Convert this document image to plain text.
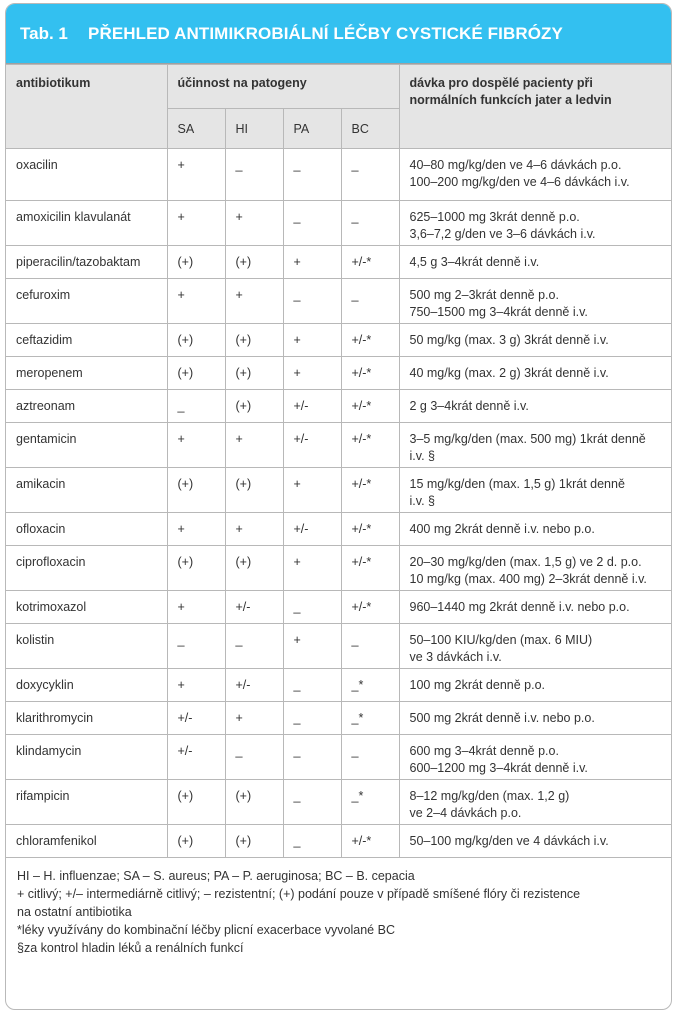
Tab. 1	PŘEHLED ANTIMIKROBIÁLNÍ LÉČBY CYSTICKÉ FIBRÓZY
antibiotikum	účinnost na patogeny				dávka pro dospělé pacienty při normálních funkcích jater a ledvin
	SA	HI	PA	BC	
oxacilin	+	_	_	_	40–80 mg/kg/den ve 4–6 dávkách p.o.
100–200 mg/kg/den ve 4–6 dávkách i.v.

amoxicilin klavulanát	+	+	_	_	625–1000 mg 3krát denně p.o.
3,6–7,2 g/den ve 3–6 dávkách i.v.

piperacilin/tazobaktam	(+)	(+)	+	+/-*	4,5 g 3–4krát denně i.v.

cefuroxim	+	+	_	_	500 mg 2–3krát denně p.o.
750–1500 mg 3–4krát denně i.v.

ceftazidim	(+)	(+)	+	+/-*	50 mg/kg (max. 3 g) 3krát denně i.v.

meropenem	(+)	(+)	+	+/-*	40 mg/kg (max. 2 g) 3krát denně i.v.

aztreonam	_	(+)	+/-	+/-*	2 g 3–4krát denně i.v.

gentamicin	+	+	+/-	+/-*	3–5 mg/kg/den (max. 500 mg) 1krát denně
i.v. §

amikacin	(+)	(+)	+	+/-*	15 mg/kg/den (max. 1,5 g) 1krát denně
i.v. §

ofloxacin	+	+	+/-	+/-*	400 mg 2krát denně i.v. nebo p.o.

ciprofloxacin	(+)	(+)	+	+/-*	20–30 mg/kg/den (max. 1,5 g) ve 2 d. p.o.
10 mg/kg (max. 400 mg) 2–3krát denně i.v.

kotrimoxazol	+	+/-	_	+/-*	960–1440 mg 2krát denně i.v. nebo p.o.

kolistin	_	_	+	_	50–100 KIU/kg/den (max. 6 MIU)
ve 3 dávkách i.v.

doxycyklin	+	+/-	_	_*	100 mg 2krát denně p.o.

klarithromycin	+/-	+	_	_*	500 mg 2krát denně i.v. nebo p.o.

klindamycin	+/-	_	_	_	600 mg 3–4krát denně p.o.
600–1200 mg 3–4krát denně i.v.

rifampicin	(+)	(+)	_	_*	8–12 mg/kg/den (max. 1,2 g)
ve 2–4 dávkách p.o.

chloramfenikol	(+)	(+)	_	+/-*	50–100 mg/kg/den ve 4 dávkách i.v.

HI – H. influenzae; SA – S. aureus; PA – P. aeruginosa; BC – B. cepacia

+ citlivý; +/– intermediárně citlivý; – rezistentní; (+) podání pouze v případě smíšené flóry či rezistence

na ostatní antibiotika

*léky využívány do kombinační léčby plicní exacerbace vyvolané BC

§za kontrol hladin léků a renálních funkcí
